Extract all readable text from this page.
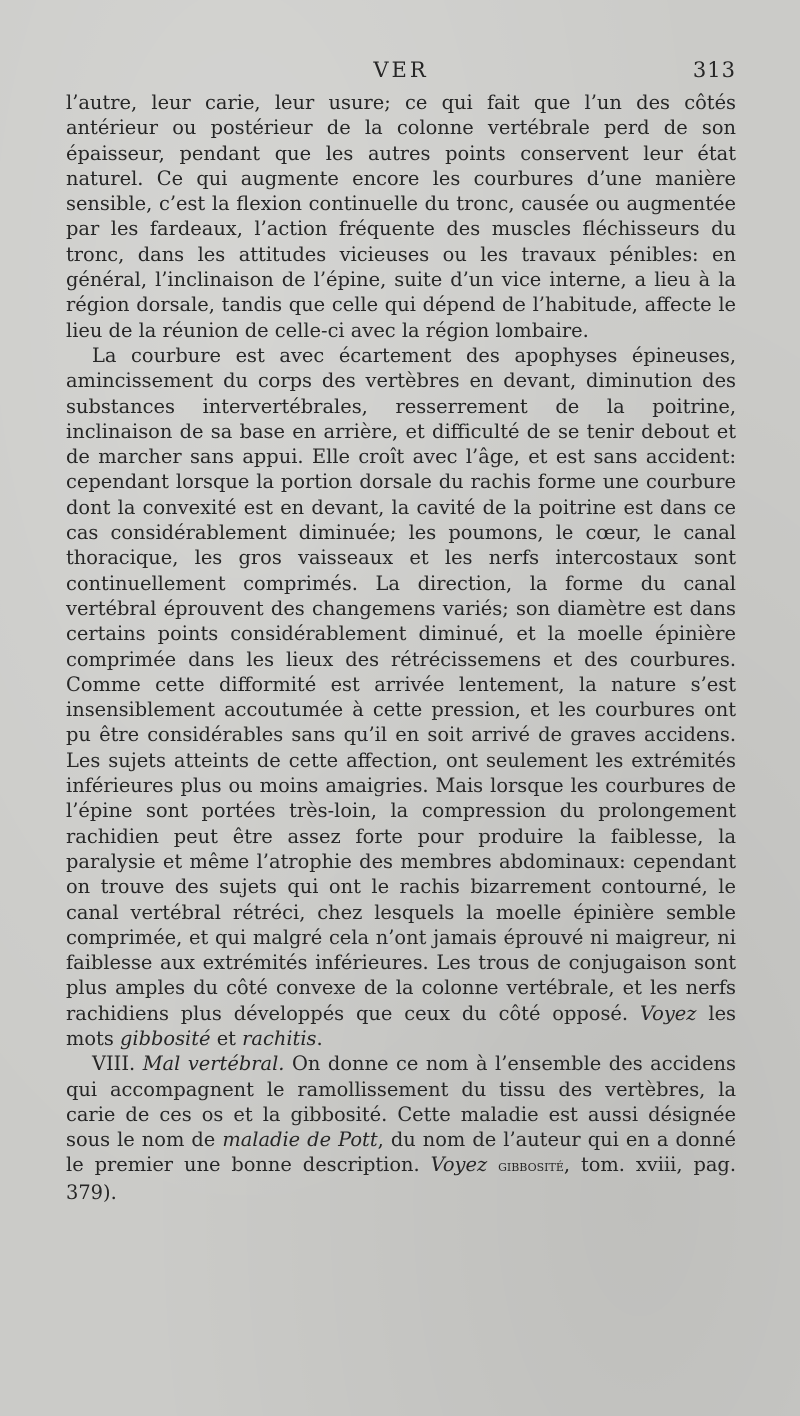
VER	313

l’autre, leur carie, leur usure; ce qui fait que l’un des côtés antérieur ou postérieur de la colonne vertébrale perd de son épaisseur, pendant que les autres points conservent leur état naturel. Ce qui augmente encore les courbures d’une manière sensible, c’est la flexion continuelle du tronc, causée ou augmentée par les fardeaux, l’action fréquente des muscles fléchisseurs du tronc, dans les attitudes vicieuses ou les travaux pénibles: en général, l’inclinaison de l’épine, suite d’un vice interne, a lieu à la région dorsale, tandis que celle qui dépend de l’habitude, affecte le lieu de la réunion de celle-ci avec la région lombaire.

La courbure est avec écartement des apophyses épineuses, amincissement du corps des vertèbres en devant, diminution des substances intervertébrales, resserrement de la poitrine, inclinaison de sa base en arrière, et difficulté de se tenir debout et de marcher sans appui. Elle croît avec l’âge, et est sans accident: cependant lorsque la portion dorsale du rachis forme une courbure dont la convexité est en devant, la cavité de la poitrine est dans ce cas considérablement diminuée; les poumons, le cœur, le canal thoracique, les gros vaisseaux et les nerfs intercostaux sont continuellement comprimés. La direction, la forme du canal vertébral éprouvent des changemens variés; son diamètre est dans certains points considérablement diminué, et la moelle épinière comprimée dans les lieux des rétrécissemens et des courbures. Comme cette difformité est arrivée lentement, la nature s’est insensiblement accoutumée à cette pression, et les courbures ont pu être considérables sans qu’il en soit arrivé de graves accidens. Les sujets atteints de cette affection, ont seulement les extrémités inférieures plus ou moins amaigries. Mais lorsque les courbures de l’épine sont portées très-loin, la compression du prolongement rachidien peut être assez forte pour produire la faiblesse, la paralysie et même l’atrophie des membres abdominaux: cependant on trouve des sujets qui ont le rachis bizarrement contourné, le canal vertébral rétréci, chez lesquels la moelle épinière semble comprimée, et qui malgré cela n’ont jamais éprouvé ni maigreur, ni faiblesse aux extrémités inférieures. Les trous de conjugaison sont plus amples du côté convexe de la colonne vertébrale, et les nerfs rachidiens plus développés que ceux du côté opposé. Voyez les mots gibbosité et rachitis.

VIII. Mal vertébral. On donne ce nom à l’ensemble des accidens qui accompagnent le ramollissement du tissu des vertèbres, la carie de ces os et la gibbosité. Cette maladie est aussi désignée sous le nom de maladie de Pott, du nom de l’auteur qui en a donné le premier une bonne description. Voyez gibbosité, tom. xviii, pag. 379).
